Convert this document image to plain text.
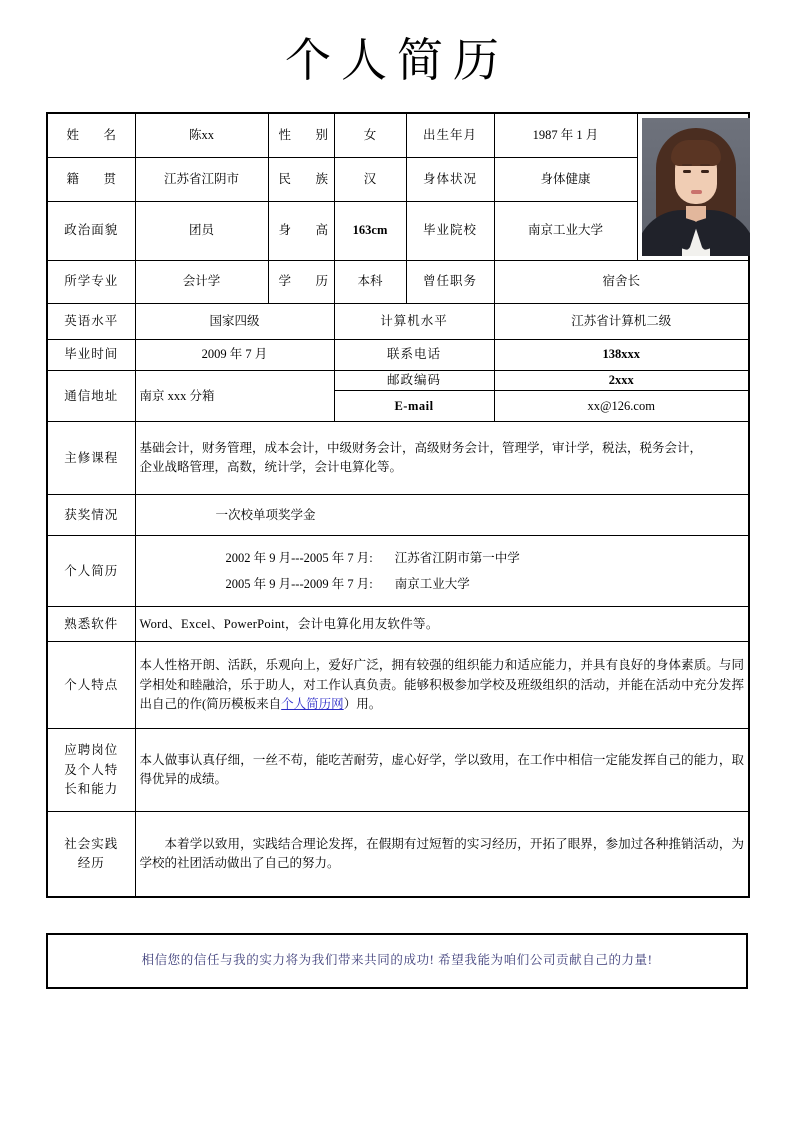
个人简历
姓　名	陈xx	性　别	女	出生年月	1987 年 1 月	

籍　贯	江苏省江阴市	民　族	汉	身体状况	身体健康	
政治面貌	团员	身　高	163cm	毕业院校	南京工业大学	
所学专业	会计学	学　历	本科	曾任职务	宿舍长	
英语水平	国家四级		计算机水平		江苏省计算机二级	
毕业时间	2009 年 7 月		联系电话		138xxx	
通信地址	南京 xxx 分箱		邮政编码		2xxx	
			E-mail		xx@126.com	
主修课程	基础会计，财务管理，成本会计，中级财务会计，高级财务会计，管理学，审计学，税法，税务会计，
企业战略管理，高数，统计学，会计电算化等。					

获奖情况	一次校单项奖学金					
个人简历	2002 年 9 月---2005 年 7 月: 江苏省江阴市第一中学
2005 年 9 月---2009 年 7 月: 南京工业大学					

熟悉软件	Word、Excel、PowerPoint，会计电算化用友软件等。					
个人特点	本人性格开朗、活跃，乐观向上，爱好广泛，拥有较强的组织能力和适应能力，并具有良好的身体素质。与同学相处和睦融洽，乐于助人，对工作认真负责。能够积极参加学校及班级组织的活动，并能在活动中充分发挥出自己的作(简历模板来自个人简历网）用。					

应聘岗位
及个人特
长和能力	本人做事认真仔细，一丝不苟，能吃苦耐劳，虚心好学，学以致用，在工作中相信一定能发挥自己的能力，取得优异的成绩。					

社会实践
经历	本着学以致用，实践结合理论发挥，在假期有过短暂的实习经历，开拓了眼界，参加过各种推销活动，为学校的社团活动做出了自己的努力。					
相信您的信任与我的实力将为我们带来共同的成功! 希望我能为咱们公司贡献自己的力量!
